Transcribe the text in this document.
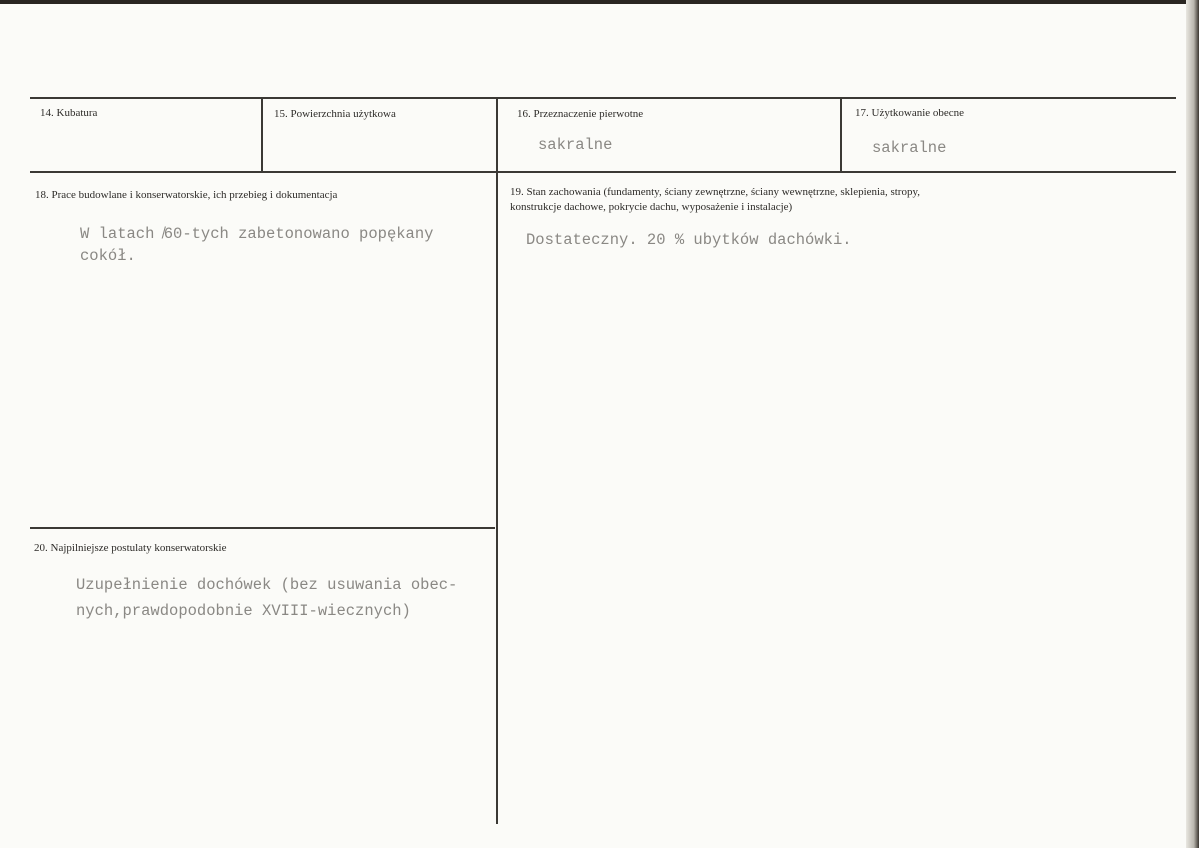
14. Kubatura	15. Powierzchnia użytkowa	16. Przeznaczenie pierwotne
sakralne
17. Użytkowanie obecne
sakralne
18. Prace budowlane i konserwatorskie, ich przebieg i dokumentacja
W latach ̸60-tych zabetonowano popękany
cokół.
19. Stan zachowania (fundamenty, ściany zewnętrzne, ściany wewnętrzne, sklepienia, stropy,
konstrukcje dachowe, pokrycie dachu, wyposażenie i instalacje)
Dostateczny. 20 % ubytków dachówki.
20. Najpilniejsze postulaty konserwatorskie
Uzupełnienie dochówek (bez usuwania obec-
nych,prawdopodobnie XVIII-wiecznych)
